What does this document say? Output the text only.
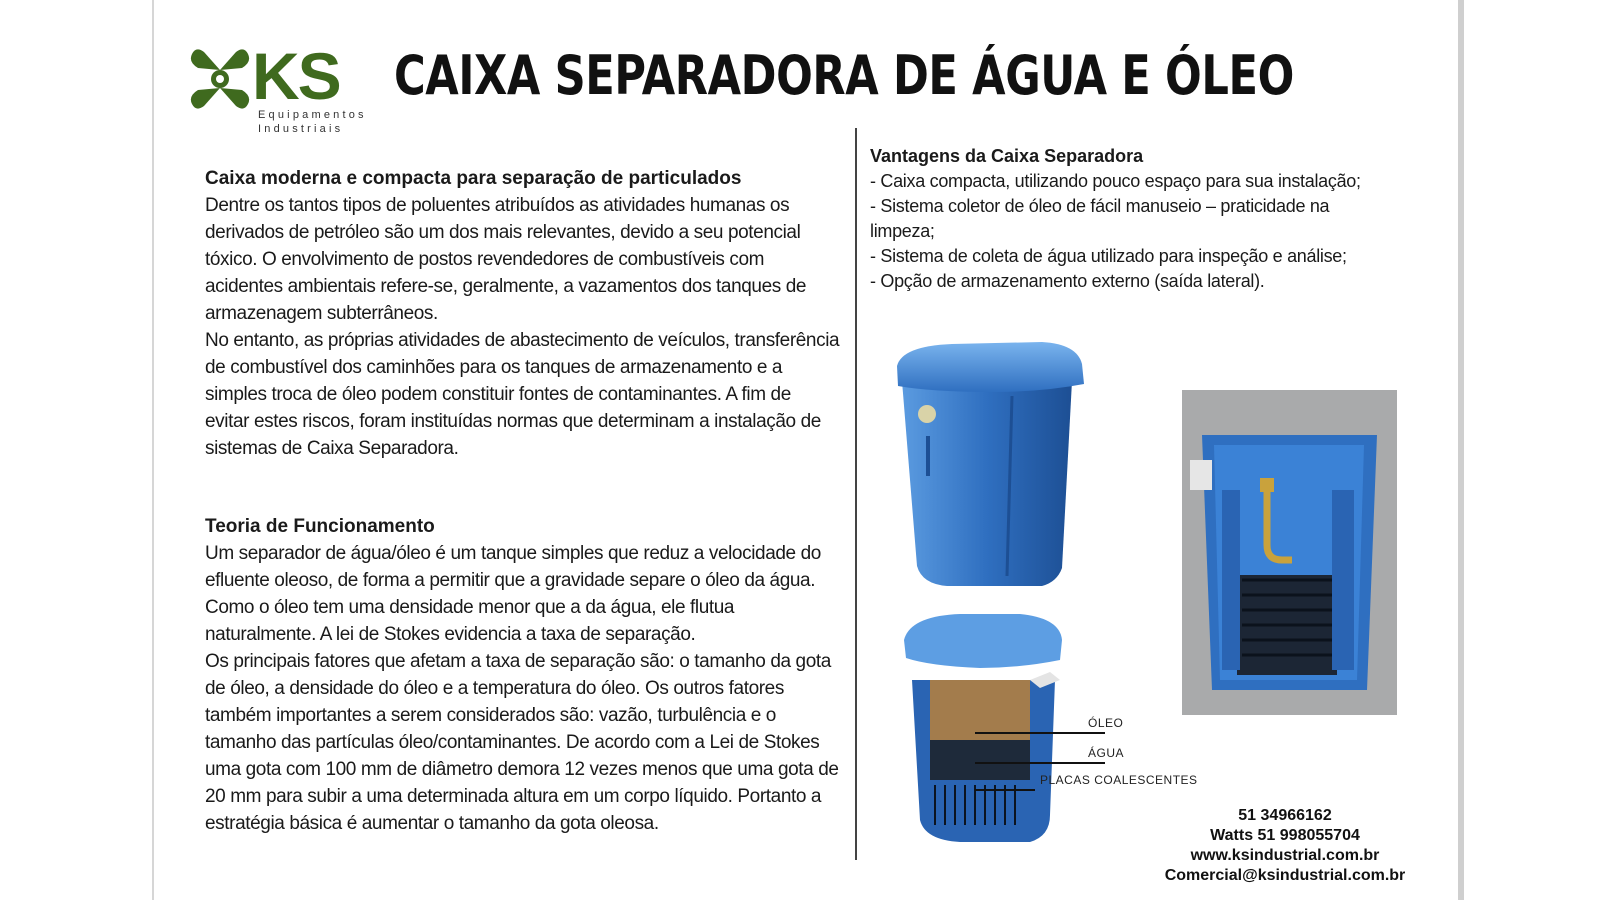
KS
Equipamentos
Industriais
CAIXA SEPARADORA DE ÁGUA E ÓLEO
Caixa moderna e compacta para separação de particulados

Dentre os tantos tipos de poluentes atribuídos as atividades humanas os

derivados de petróleo são um dos mais relevantes, devido a seu potencial

tóxico. O envolvimento de postos revendedores de combustíveis com

acidentes ambientais refere-se, geralmente, a vazamentos dos tanques de

armazenagem subterrâneos.

No entanto, as próprias atividades de abastecimento de veículos, transferência

de combustível dos caminhões para os tanques de armazenamento e a

simples troca de óleo podem constituir fontes de contaminantes. A fim de

evitar estes riscos, foram instituídas normas que determinam a instalação de

sistemas de Caixa Separadora.

Teoria de Funcionamento

Um separador de água/óleo é um tanque simples que reduz a velocidade do

efluente oleoso, de forma a permitir que a gravidade separe o óleo da água.

Como o óleo tem uma densidade menor que a da água, ele flutua

naturalmente. A lei de Stokes evidencia a taxa de separação.

Os principais fatores que afetam a taxa de separação são: o tamanho da gota

de óleo, a densidade do óleo e a temperatura do óleo. Os outros fatores

também importantes a serem considerados são: vazão, turbulência e o

tamanho das partículas óleo/contaminantes. De acordo com a Lei de Stokes

uma gota com 100 mm de diâmetro demora 12 vezes menos que uma gota de

20 mm para subir a uma determinada altura em um corpo líquido. Portanto a

estratégia básica é aumentar o tamanho da gota oleosa.

Vantagens da Caixa Separadora
- Caixa compacta, utilizando pouco espaço para sua instalação;
- Sistema coletor de óleo de fácil manuseio – praticidade na
limpeza;
- Sistema de coleta de água utilizado para inspeção e análise;
- Opção de armazenamento externo (saída lateral).
ÓLEO
ÁGUA
PLACAS COALESCENTES
51 34966162
Watts 51 998055704
www.ksindustrial.com.br
Comercial@ksindustrial.com.br
